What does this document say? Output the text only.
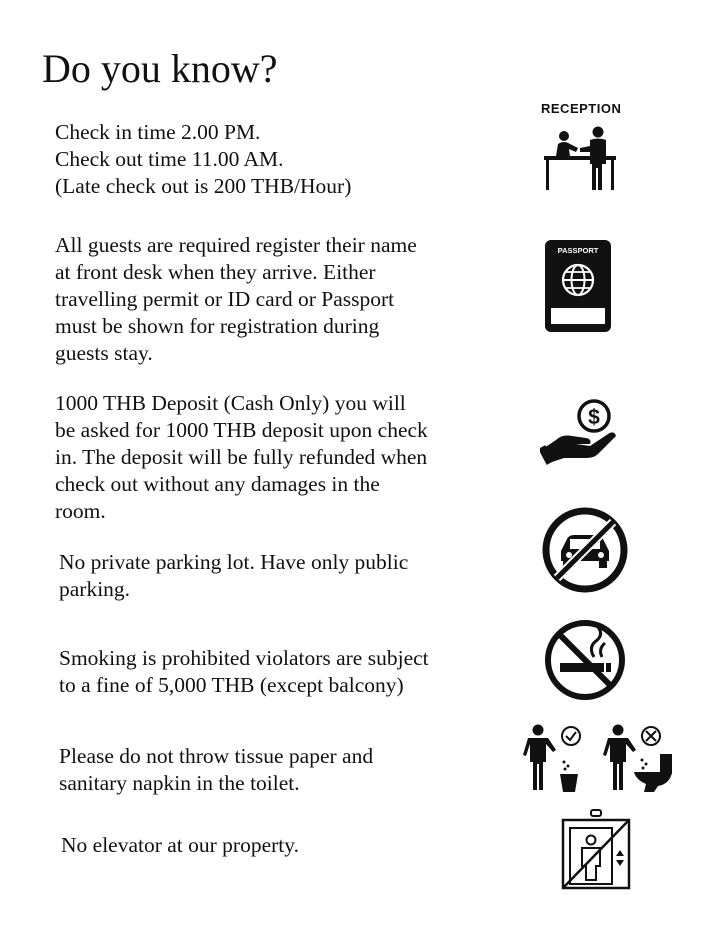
Do you know?

Check in time 2.00 PM.
Check out time 11.00 AM.
(Late check out is 200 THB/Hour)

All guests are required register their name
at front desk when they arrive. Either
travelling permit or ID card or Passport
must be shown for registration during
guests stay.

1000 THB Deposit (Cash Only) you will
be asked for 1000 THB deposit upon check
in. The deposit will be fully refunded when
check out without any damages in the
room.

No private parking lot. Have only public
parking.

Smoking is prohibited violators are subject
to a fine of 5,000 THB (except balcony)

Please do not throw tissue paper and
sanitary napkin in the toilet.

No elevator at our property.

RECEPTION
PASSPORT
$
